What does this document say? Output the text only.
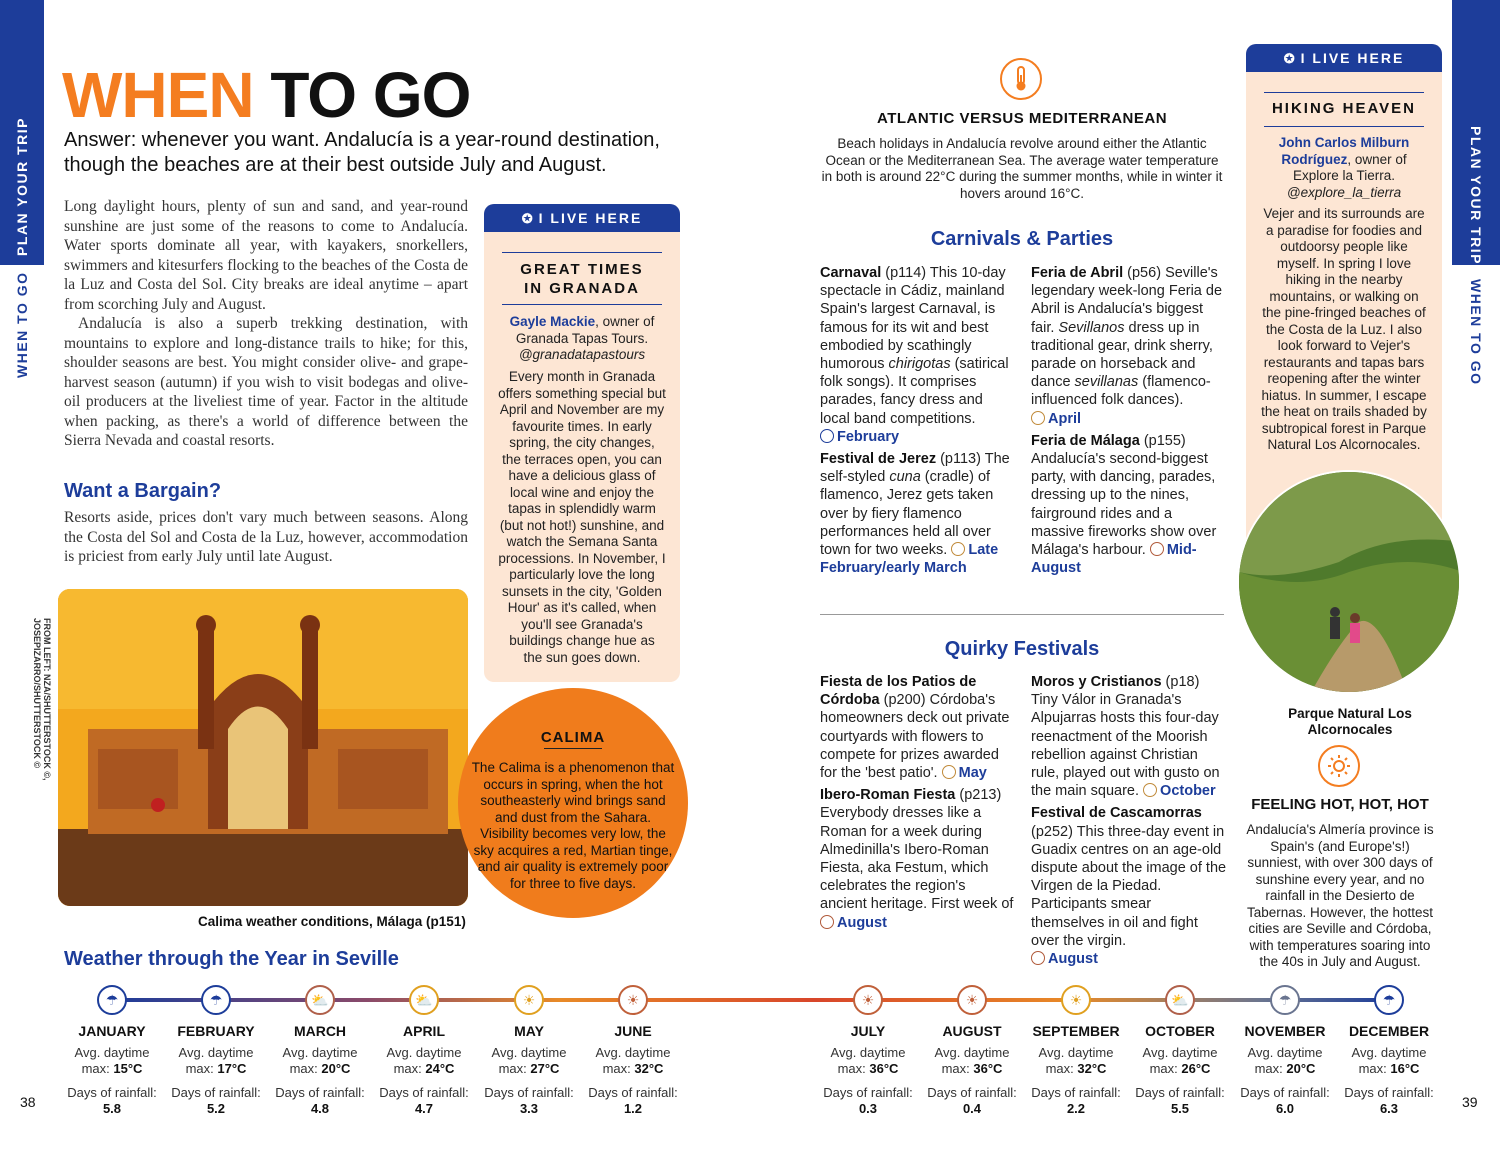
PLAN YOUR TRIP
WHEN TO GO
PLAN YOUR TRIP
WHEN TO GO
WHEN TO GO
Answer: whenever you want. Andalucía is a year-round destination, though the beaches are at their best outside July and August.
Long daylight hours, plenty of sun and sand, and year-round sunshine are just some of the reasons to come to Andalucía. Water sports dominate all year, with kayakers, snorkellers, swimmers and kitesurfers flocking to the beaches of the Costa de la Luz and Costa del Sol. City breaks are ideal anytime – apart from scorching July and August.
Andalucía is also a superb trekking destination, with mountains to explore and long-distance trails to hike; for this, shoulder seasons are best. You might consider olive- and grape-harvest season (autumn) if you wish to visit bodegas and olive-oil producers at the liveliest time of year. Factor in the altitude when packing, as there's a world of difference between the Sierra Nevada and coastal resorts.
Want a Bargain?
Resorts aside, prices don't vary much between seasons. Along the Costa del Sol and Costa de la Luz, however, accommodation is priciest from early July until late August.
✪ I LIVE HERE
GREAT TIMES
IN GRANADA
Gayle Mackie, owner of Granada Tapas Tours.
@granadatapastours
Every month in Granada offers something special but April and November are my favourite times. In early spring, the city changes, the terraces open, you can have a delicious glass of local wine and enjoy the tapas in splendidly warm (but not hot!) sunshine, and watch the Semana Santa processions. In November, I particularly love the long sunsets in the city, 'Golden Hour' as it's called, when you'll see Granada's buildings change hue as the sun goes down.
FROM LEFT: NZA/SHUTTERSTOCK ©, JOSEPIZARRO/SHUTTERSTOCK ©
Calima weather conditions, Málaga (p151)
CALIMA
The Calima is a phenomenon that occurs in spring, when the hot southeasterly wind brings sand and dust from the Sahara. Visibility becomes very low, the sky acquires a red, Martian tinge, and air quality is extremely poor for three to five days.
ATLANTIC VERSUS MEDITERRANEAN
Beach holidays in Andalucía revolve around either the Atlantic Ocean or the Mediterranean Sea. The average water temperature in both is around 22°C during the summer months, while in winter it hovers around 16°C.
Carnivals & Parties
Carnaval (p114) This 10-day spectacle in Cádiz, mainland Spain's largest Carnaval, is famous for its wit and best embodied by scathingly humorous chirigotas (satirical folk songs). It comprises parades, fancy dress and local band competitions.
February
Festival de Jerez (p113) The self-styled cuna (cradle) of flamenco, Jerez gets taken over by fiery flamenco performances held all over town for two weeks. Late February/early March
Feria de Abril (p56) Seville's legendary week-long Feria de Abril is Andalucía's biggest fair. Sevillanos dress up in traditional gear, drink sherry, parade on horseback and dance sevillanas (flamenco-influenced folk dances).
April
Feria de Málaga (p155)
Andalucía's second-biggest party, with dancing, parades, dressing up to the nines, fairground rides and a massive fireworks show over Málaga's harbour. Mid-August
Quirky Festivals
Fiesta de los Patios de Córdoba (p200) Córdoba's homeowners deck out private courtyards with flowers to compete for prizes awarded for the 'best patio'. May
Ibero-Roman Fiesta (p213) Everybody dresses like a Roman for a week during Almedinilla's Ibero-Roman Fiesta, aka Festum, which celebrates the region's ancient heritage. First week of
August
Moros y Cristianos (p18) Tiny Válor in Granada's Alpujarras hosts this four-day reenactment of the Moorish rebellion against Christian rule, played out with gusto on the main square. October
Festival de Cascamorras (p252) This three-day event in Guadix centres on an age-old dispute about the image of the Virgen de la Piedad. Participants smear themselves in oil and fight over the virgin.
August
✪ I LIVE HERE
HIKING HEAVEN
John Carlos Milburn Rodríguez, owner of Explore la Tierra.
@explore_la_tierra
Vejer and its surrounds are a paradise for foodies and outdoorsy people like myself. In spring I love hiking in the nearby mountains, or walking on the pine-fringed beaches of the Costa de la Luz. I also look forward to Vejer's restaurants and tapas bars reopening after the winter hiatus. In summer, I escape the heat on trails shaded by subtropical forest in Parque Natural Los Alcornocales.
Parque Natural Los Alcornocales
FEELING HOT, HOT, HOT
Andalucía's Almería province is Spain's (and Europe's!) sunniest, with over 300 days of sunshine every year, and no rainfall in the Desierto de Tabernas. However, the hottest cities are Seville and Córdoba, with temperatures soaring into the 40s in July and August.
Weather through the Year in Seville
☂
JANUARY
Avg. daytime
max: 15°C
Days of rainfall:
5.8
☂
FEBRUARY
Avg. daytime
max: 17°C
Days of rainfall:
5.2
⛅
MARCH
Avg. daytime
max: 20°C
Days of rainfall:
4.8
⛅
APRIL
Avg. daytime
max: 24°C
Days of rainfall:
4.7
☀
MAY
Avg. daytime
max: 27°C
Days of rainfall:
3.3
☀
JUNE
Avg. daytime
max: 32°C
Days of rainfall:
1.2
☀
JULY
Avg. daytime
max: 36°C
Days of rainfall:
0.3
☀
AUGUST
Avg. daytime
max: 36°C
Days of rainfall:
0.4
☀
SEPTEMBER
Avg. daytime
max: 32°C
Days of rainfall:
2.2
⛅
OCTOBER
Avg. daytime
max: 26°C
Days of rainfall:
5.5
☂
NOVEMBER
Avg. daytime
max: 20°C
Days of rainfall:
6.0
☂
DECEMBER
Avg. daytime
max: 16°C
Days of rainfall:
6.3
38	39
